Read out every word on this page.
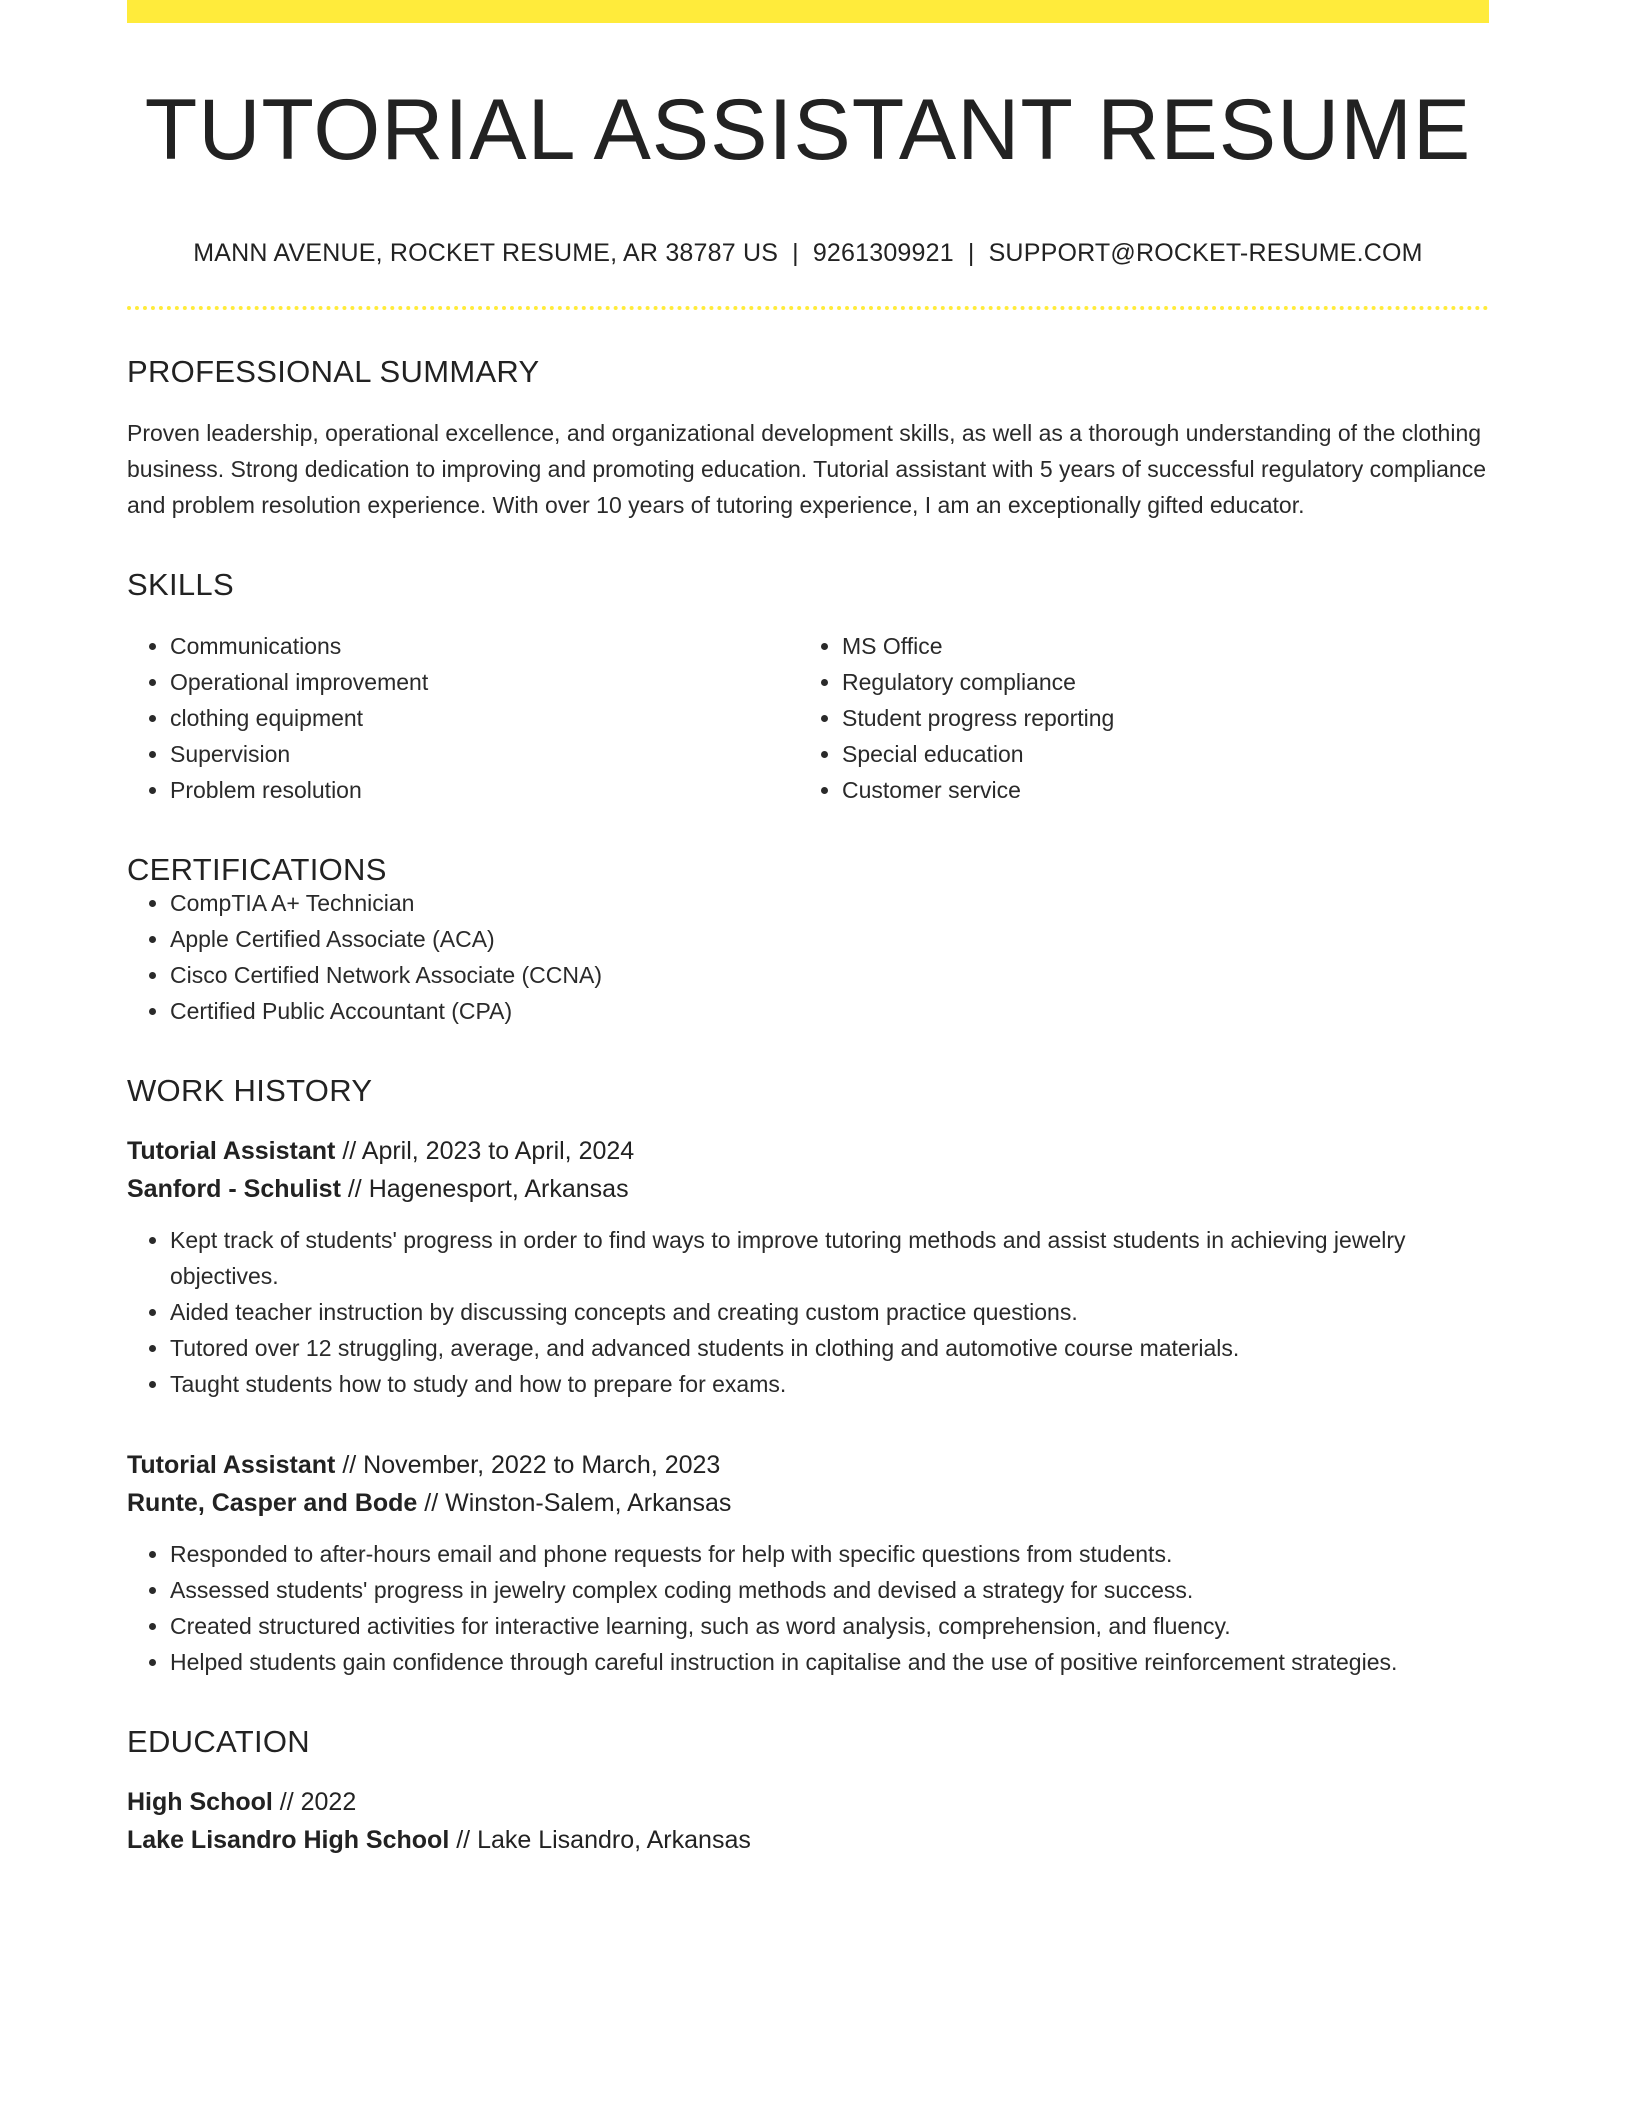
TUTORIAL ASSISTANT RESUME
MANN AVENUE, ROCKET RESUME, AR 38787 US | 9261309921 | SUPPORT@ROCKET-RESUME.COM
PROFESSIONAL SUMMARY
Proven leadership, operational excellence, and organizational development skills, as well as a thorough understanding of the clothing business. Strong dedication to improving and promoting education. Tutorial assistant with 5 years of successful regulatory compliance and problem resolution experience. With over 10 years of tutoring experience, I am an exceptionally gifted educator.
SKILLS
• Communications
• Operational improvement
• clothing equipment
• Supervision
• Problem resolution
• MS Office
• Regulatory compliance
• Student progress reporting
• Special education
• Customer service
CERTIFICATIONS
• CompTIA A+ Technician
• Apple Certified Associate (ACA)
• Cisco Certified Network Associate (CCNA)
• Certified Public Accountant (CPA)
WORK HISTORY
Tutorial Assistant // April, 2023 to April, 2024
Sanford - Schulist // Hagenesport, Arkansas
• Kept track of students' progress in order to find ways to improve tutoring methods and assist students in achieving jewelry objectives.
• Aided teacher instruction by discussing concepts and creating custom practice questions.
• Tutored over 12 struggling, average, and advanced students in clothing and automotive course materials.
• Taught students how to study and how to prepare for exams.
Tutorial Assistant // November, 2022 to March, 2023
Runte, Casper and Bode // Winston-Salem, Arkansas
• Responded to after-hours email and phone requests for help with specific questions from students.
• Assessed students' progress in jewelry complex coding methods and devised a strategy for success.
• Created structured activities for interactive learning, such as word analysis, comprehension, and fluency.
• Helped students gain confidence through careful instruction in capitalise and the use of positive reinforcement strategies.
EDUCATION
High School // 2022
Lake Lisandro High School // Lake Lisandro, Arkansas
